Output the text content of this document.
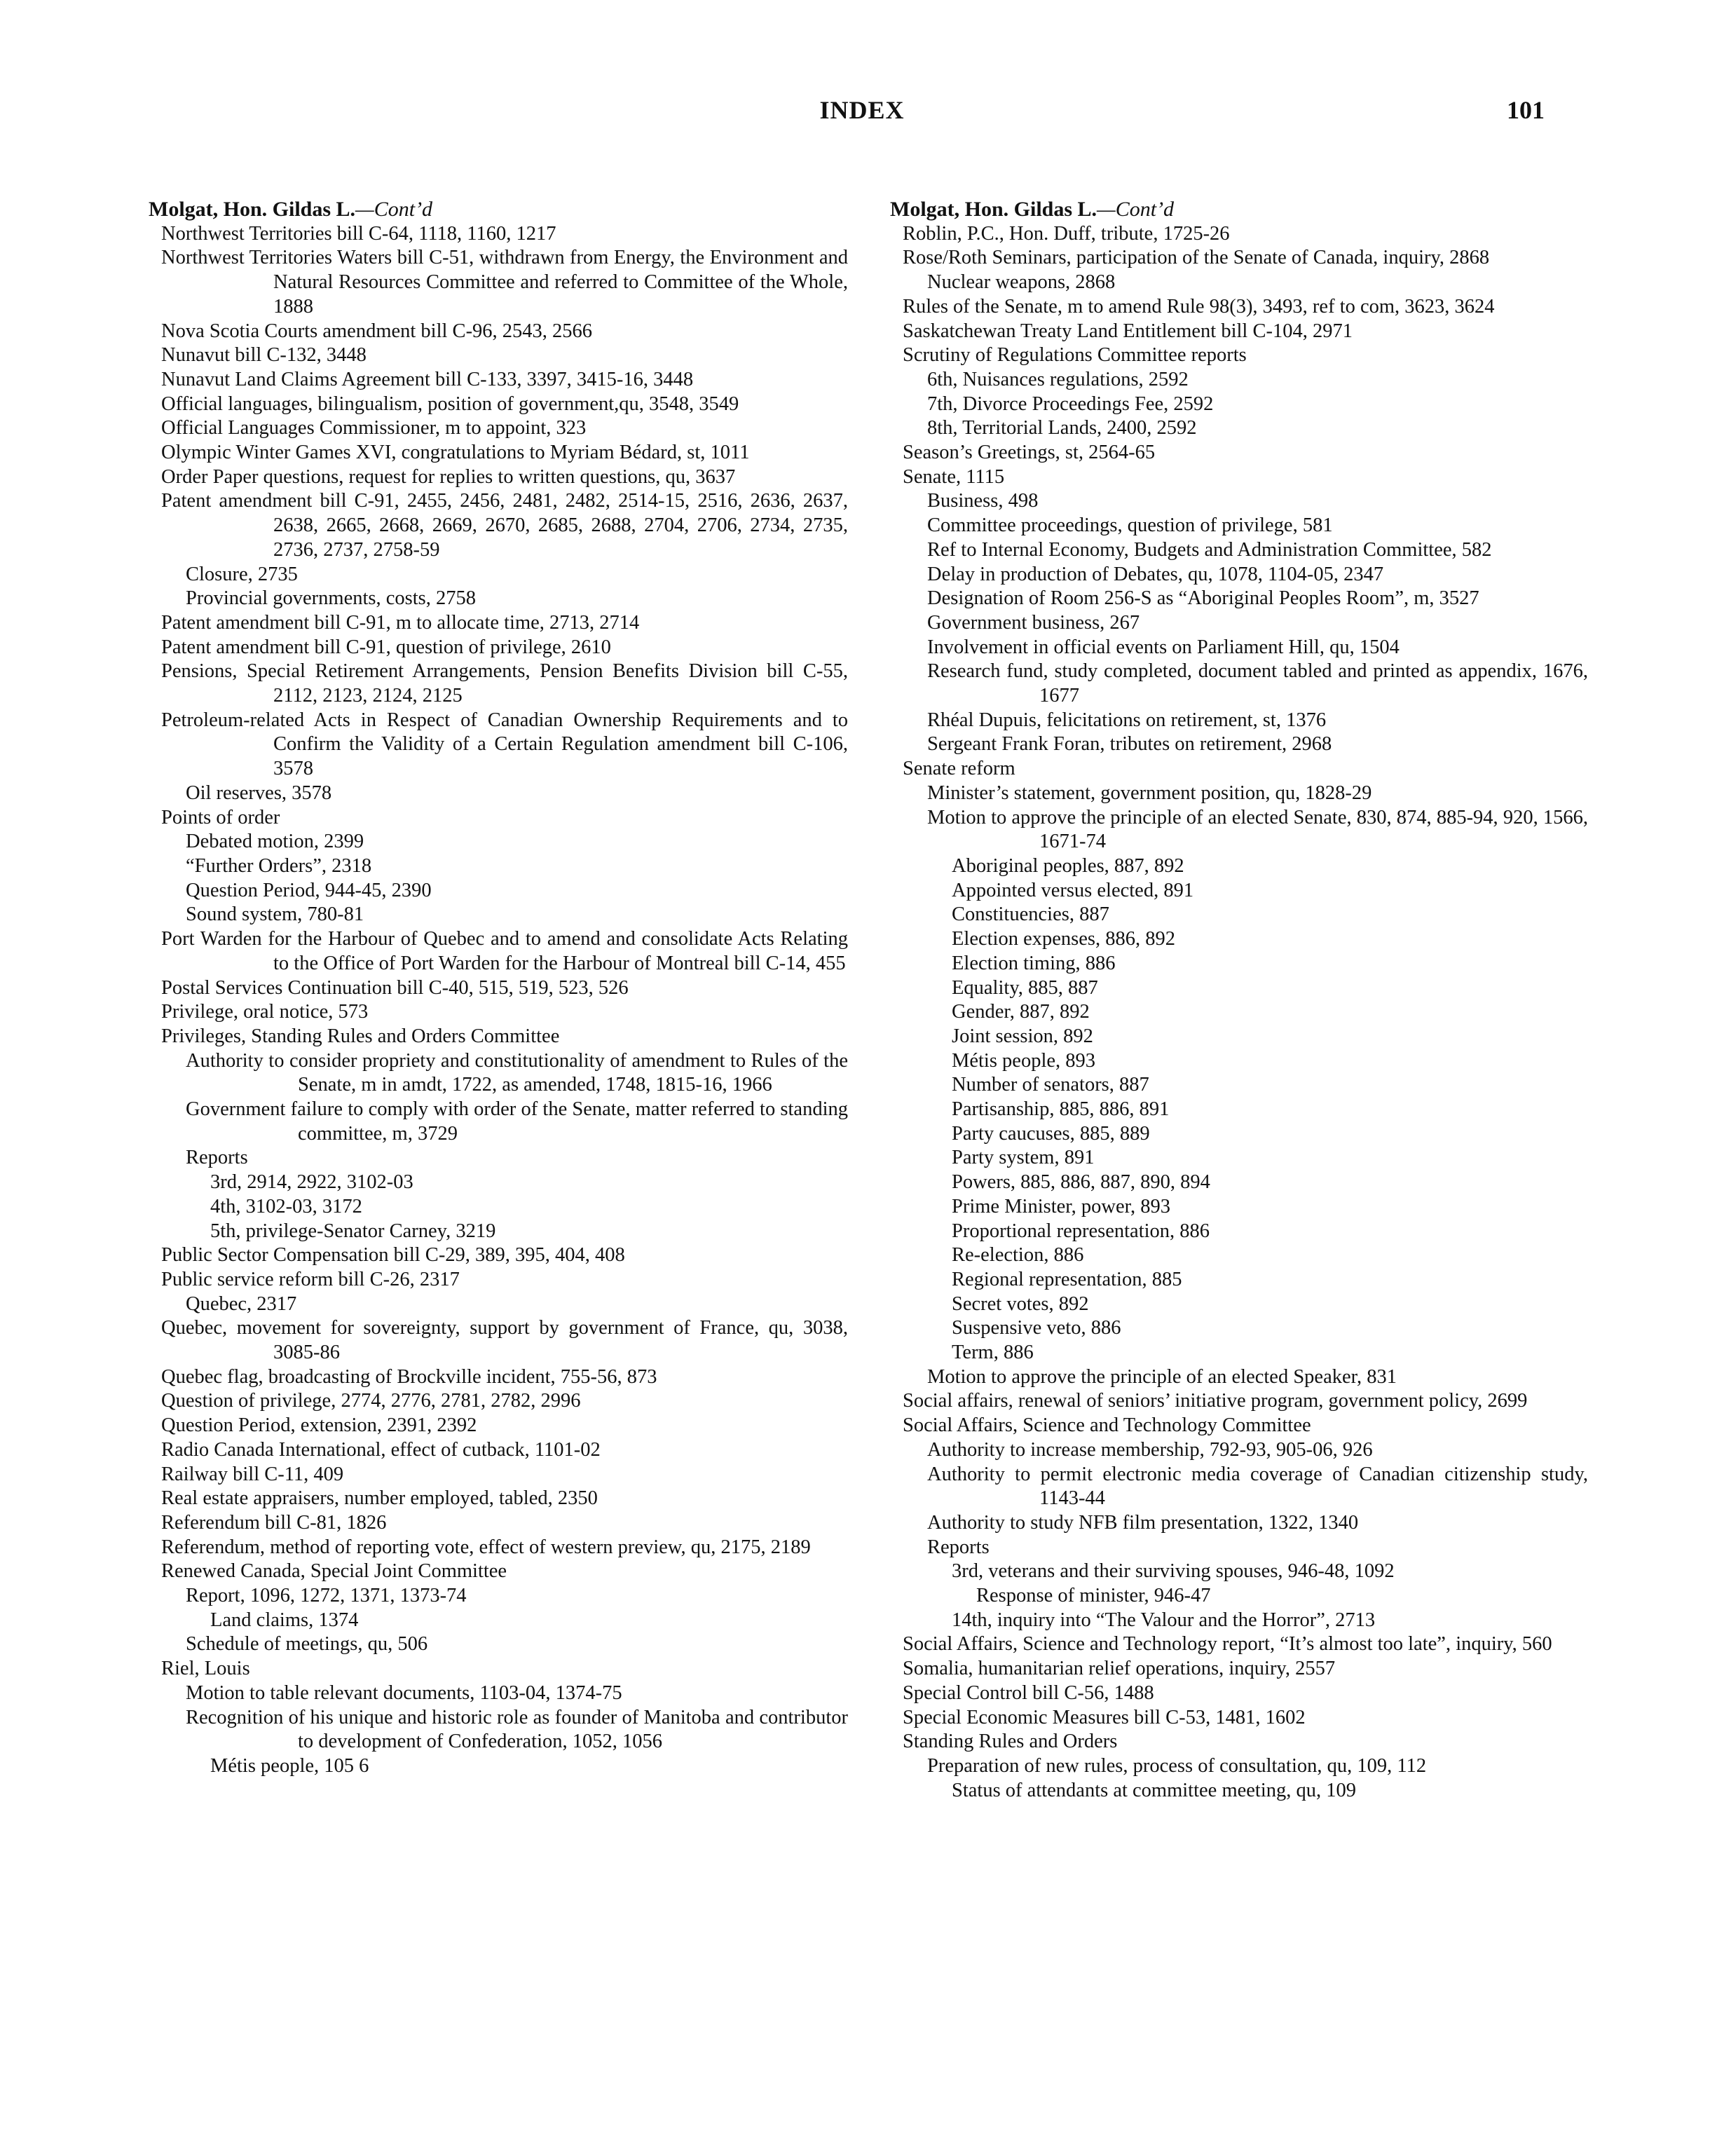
INDEX	101
Molgat, Hon. Gildas L.—Cont’d
Northwest Territories bill C-64, 1118, 1160, 1217
Northwest Territories Waters bill C-51, withdrawn from Energy, the Environment and Natural Resources Committee and referred to Committee of the Whole, 1888
Nova Scotia Courts amendment bill C-96, 2543, 2566
Nunavut bill C-132, 3448
Nunavut Land Claims Agreement bill C-133, 3397, 3415-16, 3448
Official languages, bilingualism, position of government,qu, 3548, 3549
Official Languages Commissioner, m to appoint, 323
Olympic Winter Games XVI, congratulations to Myriam Bédard, st, 1011
Order Paper questions, request for replies to written questions, qu, 3637
Patent amendment bill C-91, 2455, 2456, 2481, 2482, 2514-15, 2516, 2636, 2637, 2638, 2665, 2668, 2669, 2670, 2685, 2688, 2704, 2706, 2734, 2735, 2736, 2737, 2758-59
Closure, 2735
Provincial governments, costs, 2758
Patent amendment bill C-91, m to allocate time, 2713, 2714
Patent amendment bill C-91, question of privilege, 2610
Pensions, Special Retirement Arrangements, Pension Benefits Division bill C-55, 2112, 2123, 2124, 2125
Petroleum-related Acts in Respect of Canadian Ownership Requirements and to Confirm the Validity of a Certain Regulation amendment bill C-106, 3578
Oil reserves, 3578
Points of order
Debated motion, 2399
“Further Orders”, 2318
Question Period, 944-45, 2390
Sound system, 780-81
Port Warden for the Harbour of Quebec and to amend and consolidate Acts Relating to the Office of Port Warden for the Harbour of Montreal bill C-14, 455
Postal Services Continuation bill C-40, 515, 519, 523, 526
Privilege, oral notice, 573
Privileges, Standing Rules and Orders Committee
Authority to consider propriety and constitutionality of amendment to Rules of the Senate, m in amdt, 1722, as amended, 1748, 1815-16, 1966
Government failure to comply with order of the Senate, matter referred to standing committee, m, 3729
Reports
3rd, 2914, 2922, 3102-03
4th, 3102-03, 3172
5th, privilege-Senator Carney, 3219
Public Sector Compensation bill C-29, 389, 395, 404, 408
Public service reform bill C-26, 2317
Quebec, 2317
Quebec, movement for sovereignty, support by government of France, qu, 3038, 3085-86
Quebec flag, broadcasting of Brockville incident, 755-56, 873
Question of privilege, 2774, 2776, 2781, 2782, 2996
Question Period, extension, 2391, 2392
Radio Canada International, effect of cutback, 1101-02
Railway bill C-11, 409
Real estate appraisers, number employed, tabled, 2350
Referendum bill C-81, 1826
Referendum, method of reporting vote, effect of western preview, qu, 2175, 2189
Renewed Canada, Special Joint Committee
Report, 1096, 1272, 1371, 1373-74
Land claims, 1374
Schedule of meetings, qu, 506
Riel, Louis
Motion to table relevant documents, 1103-04, 1374-75
Recognition of his unique and historic role as founder of Manitoba and contributor to development of Confederation, 1052, 1056
Métis people, 105 6
Molgat, Hon. Gildas L.—Cont’d
Roblin, P.C., Hon. Duff, tribute, 1725-26
Rose/Roth Seminars, participation of the Senate of Canada, inquiry, 2868
Nuclear weapons, 2868
Rules of the Senate, m to amend Rule 98(3), 3493, ref to com, 3623, 3624
Saskatchewan Treaty Land Entitlement bill C-104, 2971
Scrutiny of Regulations Committee reports
6th, Nuisances regulations, 2592
7th, Divorce Proceedings Fee, 2592
8th, Territorial Lands, 2400, 2592
Season’s Greetings, st, 2564-65
Senate, 1115
Business, 498
Committee proceedings, question of privilege, 581
Ref to Internal Economy, Budgets and Administration Committee, 582
Delay in production of Debates, qu, 1078, 1104-05, 2347
Designation of Room 256-S as “Aboriginal Peoples Room”, m, 3527
Government business, 267
Involvement in official events on Parliament Hill, qu, 1504
Research fund, study completed, document tabled and printed as appendix, 1676, 1677
Rhéal Dupuis, felicitations on retirement, st, 1376
Sergeant Frank Foran, tributes on retirement, 2968
Senate reform
Minister’s statement, government position, qu, 1828-29
Motion to approve the principle of an elected Senate, 830, 874, 885-94, 920, 1566, 1671-74
Aboriginal peoples, 887, 892
Appointed versus elected, 891
Constituencies, 887
Election expenses, 886, 892
Election timing, 886
Equality, 885, 887
Gender, 887, 892
Joint session, 892
Métis people, 893
Number of senators, 887
Partisanship, 885, 886, 891
Party caucuses, 885, 889
Party system, 891
Powers, 885, 886, 887, 890, 894
Prime Minister, power, 893
Proportional representation, 886
Re-election, 886
Regional representation, 885
Secret votes, 892
Suspensive veto, 886
Term, 886
Motion to approve the principle of an elected Speaker, 831
Social affairs, renewal of seniors’ initiative program, government policy, 2699
Social Affairs, Science and Technology Committee
Authority to increase membership, 792-93, 905-06, 926
Authority to permit electronic media coverage of Canadian citizenship study, 1143-44
Authority to study NFB film presentation, 1322, 1340
Reports
3rd, veterans and their surviving spouses, 946-48, 1092
Response of minister, 946-47
14th, inquiry into “The Valour and the Horror”, 2713
Social Affairs, Science and Technology report, “It’s almost too late”, inquiry, 560
Somalia, humanitarian relief operations, inquiry, 2557
Special Control bill C-56, 1488
Special Economic Measures bill C-53, 1481, 1602
Standing Rules and Orders
Preparation of new rules, process of consultation, qu, 109, 112
Status of attendants at committee meeting, qu, 109
